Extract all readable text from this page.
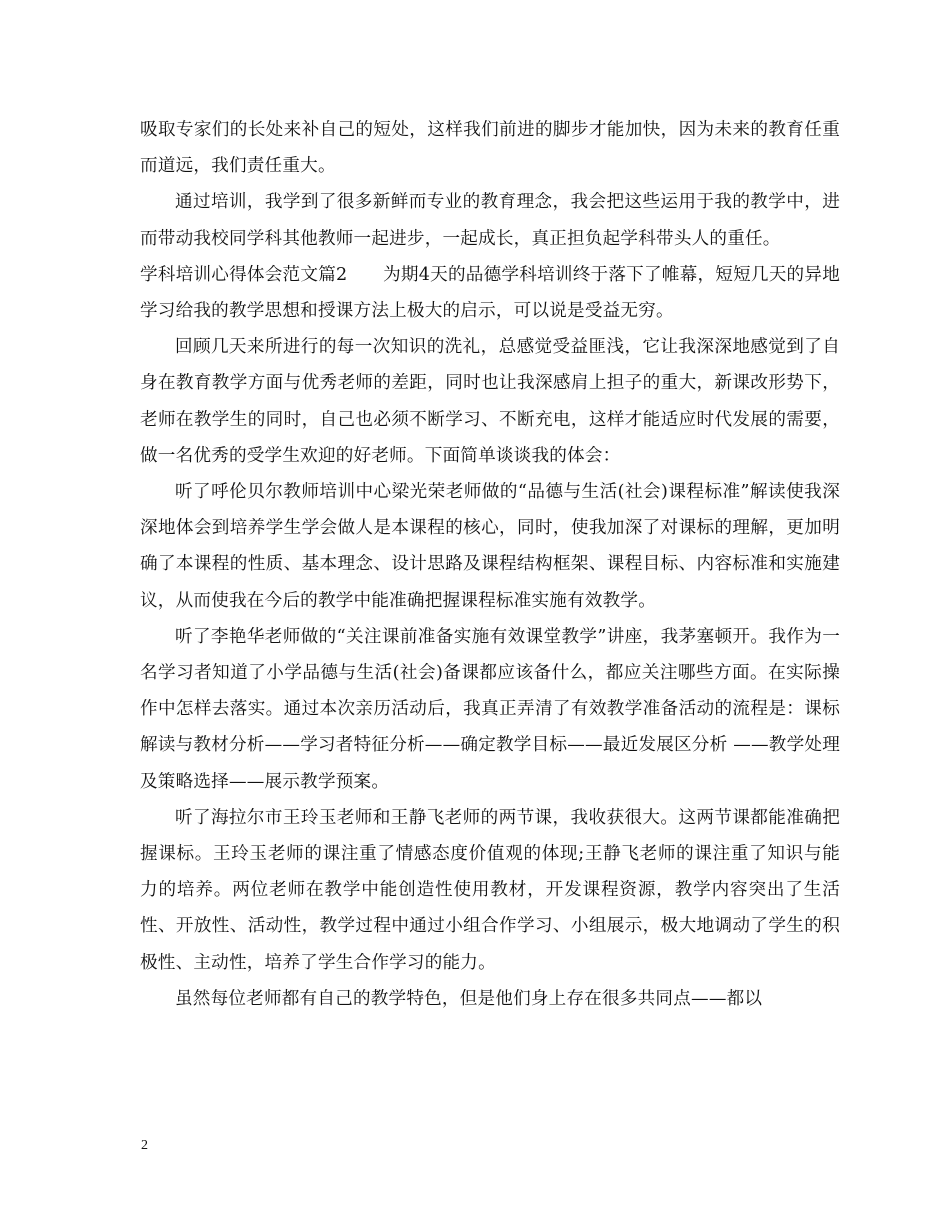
吸取专家们的长处来补自己的短处，这样我们前进的脚步才能加快，因为未来的教育任重而道远，我们责任重大。

通过培训，我学到了很多新鲜而专业的教育理念，我会把这些运用于我的教学中，进而带动我校同学科其他教师一起进步，一起成长，真正担负起学科带头人的重任。

学科培训心得体会范文篇2　　为期4天的品德学科培训终于落下了帷幕，短短几天的异地学习给我的教学思想和授课方法上极大的启示，可以说是受益无穷。

回顾几天来所进行的每一次知识的洗礼，总感觉受益匪浅，它让我深深地感觉到了自身在教育教学方面与优秀老师的差距，同时也让我深感肩上担子的重大，新课改形势下，老师在教学生的同时，自己也必须不断学习、不断充电，这样才能适应时代发展的需要，做一名优秀的受学生欢迎的好老师。下面简单谈谈我的体会：

听了呼伦贝尔教师培训中心梁光荣老师做的“品德与生活(社会)课程标准”解读使我深深地体会到培养学生学会做人是本课程的核心，同时，使我加深了对课标的理解，更加明确了本课程的性质、基本理念、设计思路及课程结构框架、课程目标、内容标准和实施建议，从而使我在今后的教学中能准确把握课程标准实施有效教学。

听了李艳华老师做的“关注课前准备实施有效课堂教学”讲座，我茅塞顿开。我作为一名学习者知道了小学品德与生活(社会)备课都应该备什么，都应关注哪些方面。在实际操作中怎样去落实。通过本次亲历活动后，我真正弄清了有效教学准备活动的流程是：课标解读与教材分析——学习者特征分析——确定教学目标——最近发展区分析 ——教学处理及策略选择——展示教学预案。

听了海拉尔市王玲玉老师和王静飞老师的两节课，我收获很大。这两节课都能准确把握课标。王玲玉老师的课注重了情感态度价值观的体现;王静飞老师的课注重了知识与能力的培养。两位老师在教学中能创造性使用教材，开发课程资源，教学内容突出了生活性、开放性、活动性，教学过程中通过小组合作学习、小组展示，极大地调动了学生的积极性、主动性，培养了学生合作学习的能力。

虽然每位老师都有自己的教学特色，但是他们身上存在很多共同点——都以

2
